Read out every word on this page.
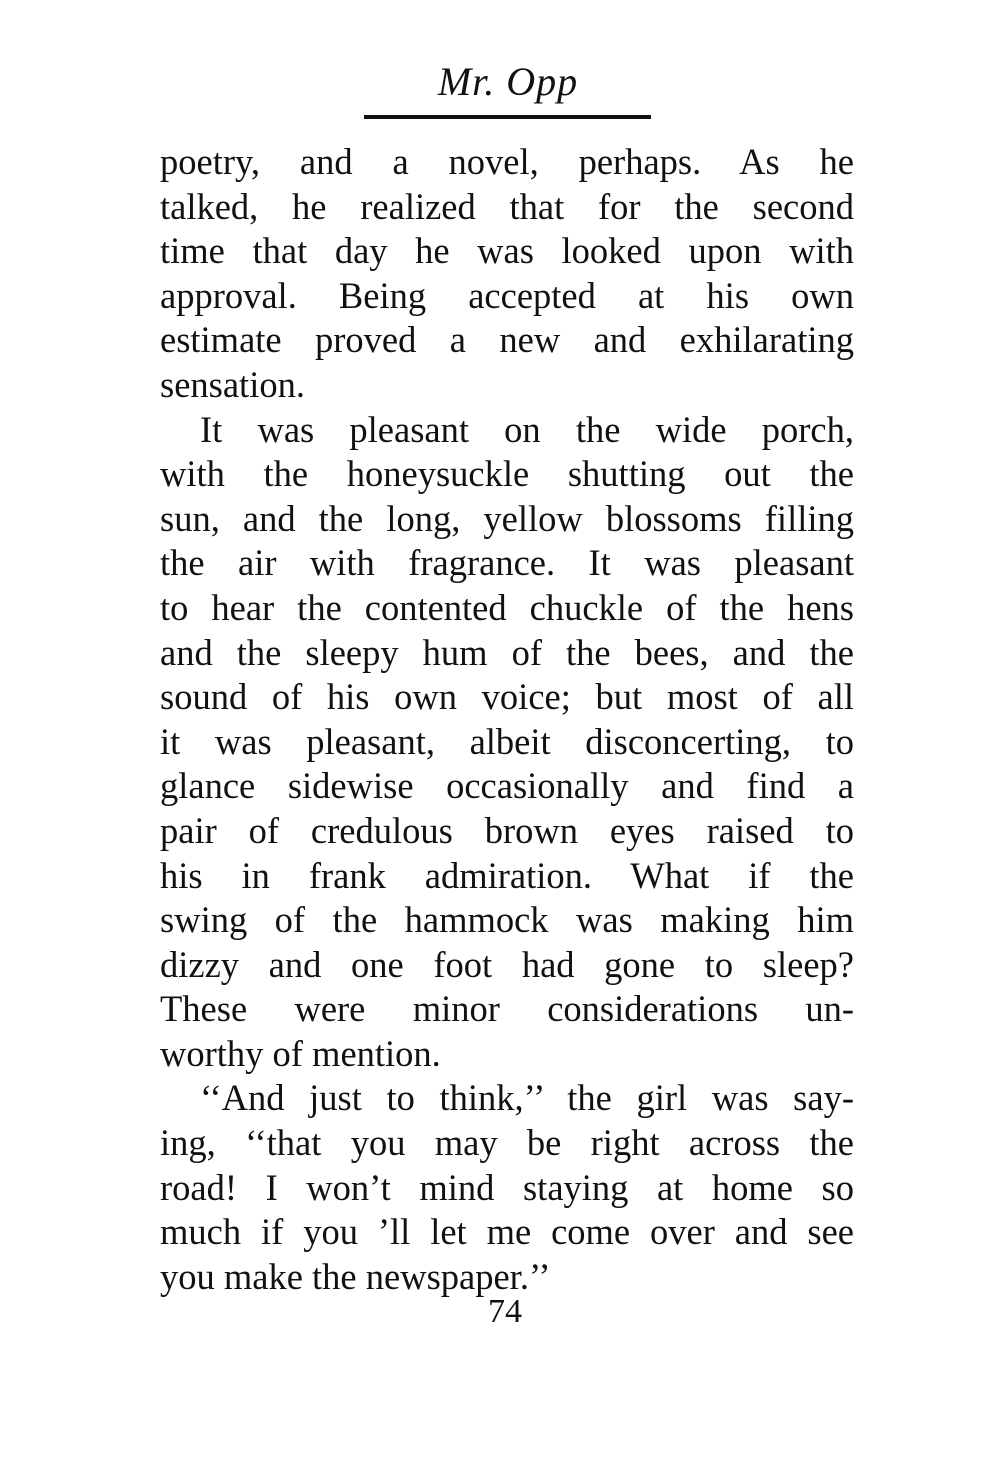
Mr. Opp
poetry, and a novel, perhaps. As he
talked, he realized that for the second
time that day he was looked upon with
approval. Being accepted at his own
estimate proved a new and exhilarating
sensation.
It was pleasant on the wide porch,
with the honeysuckle shutting out the
sun, and the long, yellow blossoms filling
the air with fragrance. It was pleasant
to hear the contented chuckle of the hens
and the sleepy hum of the bees, and the
sound of his own voice; but most of all
it was pleasant, albeit disconcerting, to
glance sidewise occasionally and find a
pair of credulous brown eyes raised to
his in frank admiration. What if the
swing of the hammock was making him
dizzy and one foot had gone to sleep?
These were minor considerations un-
worthy of mention.
‘‘And just to think,’’ the girl was say-
ing, ‘‘that you may be right across the
road! I won’t mind staying at home so
much if you ’ll let me come over and see
you make the newspaper.’’
74
